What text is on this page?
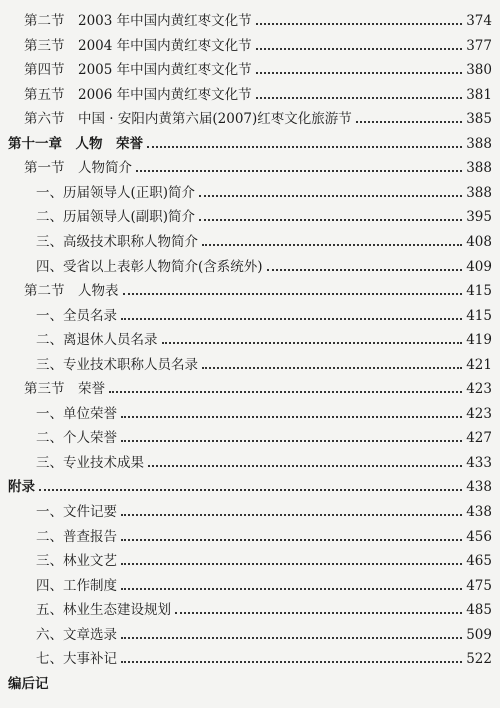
第二节　2003 年中国内黄红枣文化节	374
第三节　2004 年中国内黄红枣文化节	377
第四节　2005 年中国内黄红枣文化节	380
第五节　2006 年中国内黄红枣文化节	381
第六节　中国 · 安阳内黄第六届(2007)红枣文化旅游节	385
第十一章　人物　荣誉	388
第一节　人物简介	388
一、历届领导人(正职)简介	388
二、历届领导人(副职)简介	395
三、高级技术职称人物简介	408
四、受省以上表彰人物简介(含系统外)	409
第二节　人物表	415
一、全员名录	415
二、离退休人员名录	419
三、专业技术职称人员名录	421
第三节　荣誉	423
一、单位荣誉	423
二、个人荣誉	427
三、专业技术成果	433
附录	438
一、文件记要	438
二、普查报告	456
三、林业文艺	465
四、工作制度	475
五、林业生态建设规划	485
六、文章选录	509
七、大事补记	522
编后记
